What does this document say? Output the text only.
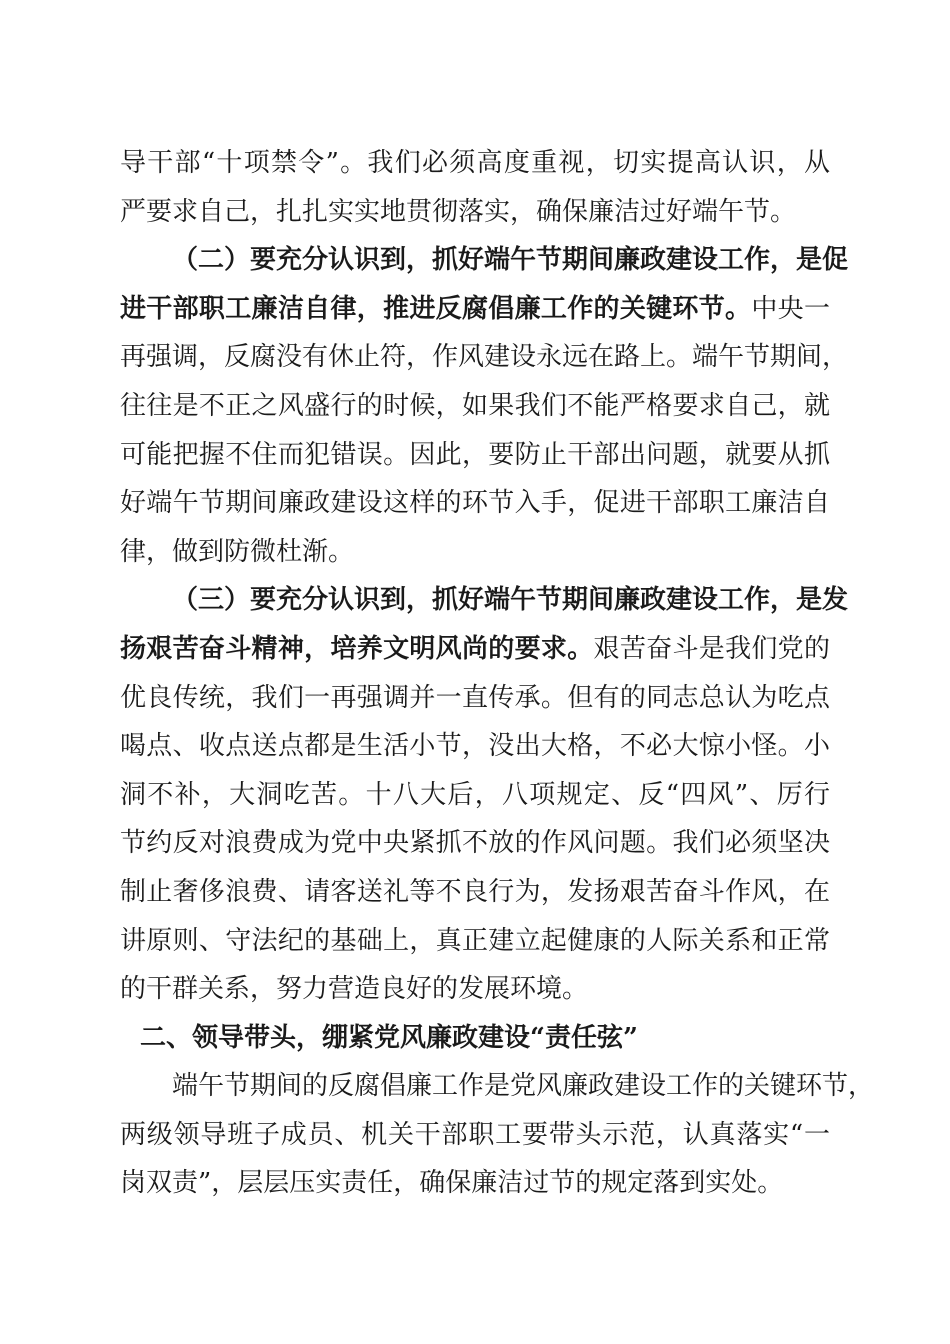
导干部“十项禁令”。我们必须高度重视，切实提高认识，从
严要求自己，扎扎实实地贯彻落实，确保廉洁过好端午节。
（二）要充分认识到，抓好端午节期间廉政建设工作，是促
进干部职工廉洁自律，推进反腐倡廉工作的关键环节。中央一
再强调，反腐没有休止符，作风建设永远在路上。端午节期间，
往往是不正之风盛行的时候，如果我们不能严格要求自己，就
可能把握不住而犯错误。因此，要防止干部出问题，就要从抓
好端午节期间廉政建设这样的环节入手，促进干部职工廉洁自
律，做到防微杜渐。
（三）要充分认识到，抓好端午节期间廉政建设工作，是发
扬艰苦奋斗精神，培养文明风尚的要求。艰苦奋斗是我们党的
优良传统，我们一再强调并一直传承。但有的同志总认为吃点
喝点、收点送点都是生活小节，没出大格，不必大惊小怪。小
洞不补，大洞吃苦。十八大后，八项规定、反“四风”、厉行
节约反对浪费成为党中央紧抓不放的作风问题。我们必须坚决
制止奢侈浪费、请客送礼等不良行为，发扬艰苦奋斗作风，在
讲原则、守法纪的基础上，真正建立起健康的人际关系和正常
的干群关系，努力营造良好的发展环境。
二、领导带头，绷紧党风廉政建设“责任弦”
端午节期间的反腐倡廉工作是党风廉政建设工作的关键环节，
两级领导班子成员、机关干部职工要带头示范，认真落实“一
岗双责”，层层压实责任，确保廉洁过节的规定落到实处。
